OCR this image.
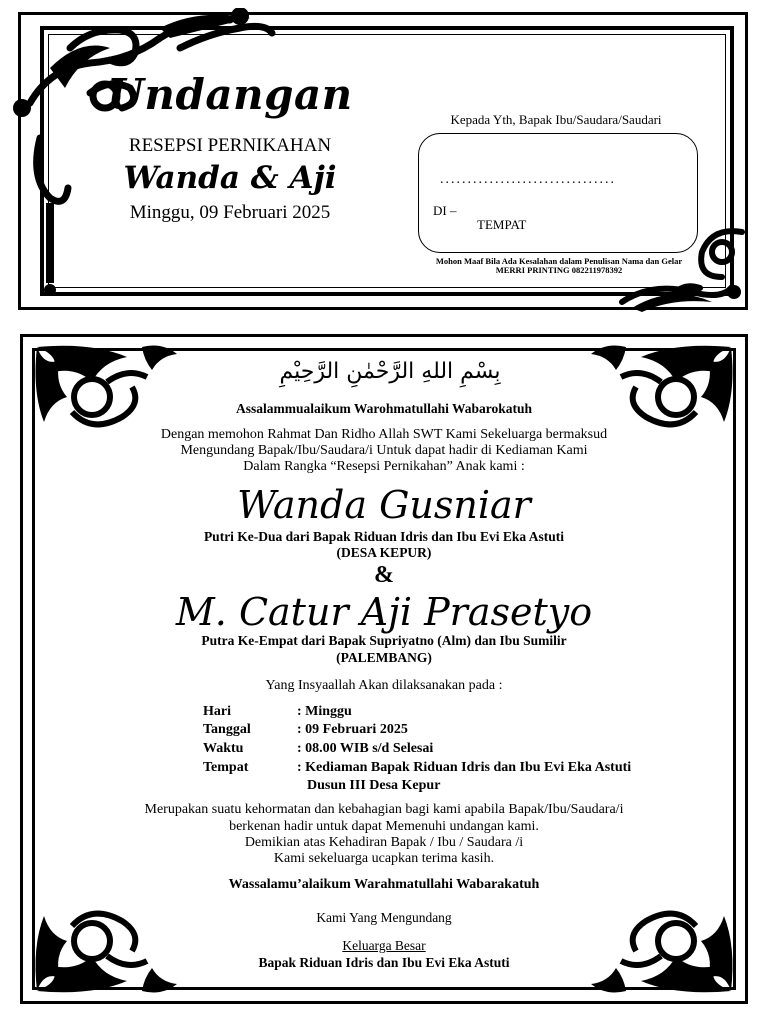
Undangan
RESEPSI PERNIKAHAN
Wanda & Aji
Minggu, 09 Februari 2025
Kepada Yth, Bapak Ibu/Saudara/Saudari
................................
DI –
TEMPAT
Mohon Maaf Bila Ada Kesalahan dalam Penulisan Nama dan Gelar
MERRI PRINTING 082211978392
بِسْمِ اللهِ الرَّحْمٰنِ الرَّحِيْمِ
Assalammualaikum Warohmatullahi Wabarokatuh
Dengan memohon Rahmat Dan Ridho Allah SWT Kami Sekeluarga bermaksud
Mengundang Bapak/Ibu/Saudara/i Untuk dapat hadir di Kediaman Kami
Dalam Rangka “Resepsi Pernikahan” Anak kami :
Wanda Gusniar
Putri Ke-Dua dari Bapak Riduan Idris dan Ibu Evi Eka Astuti
(DESA KEPUR)
&
M. Catur Aji Prasetyo
Putra Ke-Empat dari Bapak Supriyatno (Alm) dan Ibu Sumilir
(PALEMBANG)
Yang Insyaallah Akan dilaksanakan pada :
Hari	: Minggu
Tanggal	: 09 Februari 2025
Waktu	: 08.00 WIB s/d Selesai
Tempat	: Kediaman Bapak Riduan Idris dan Ibu Evi Eka Astuti
Dusun III Desa Kepur
Merupakan suatu kehormatan dan kebahagian bagi kami apabila Bapak/Ibu/Saudara/i
berkenan hadir untuk dapat Memenuhi undangan kami.
Demikian atas Kehadiran Bapak / Ibu / Saudara /i
Kami sekeluarga ucapkan terima kasih.
Wassalamu’alaikum Warahmatullahi Wabarakatuh
Kami Yang Mengundang
Keluarga Besar
Bapak Riduan Idris dan Ibu Evi Eka Astuti
